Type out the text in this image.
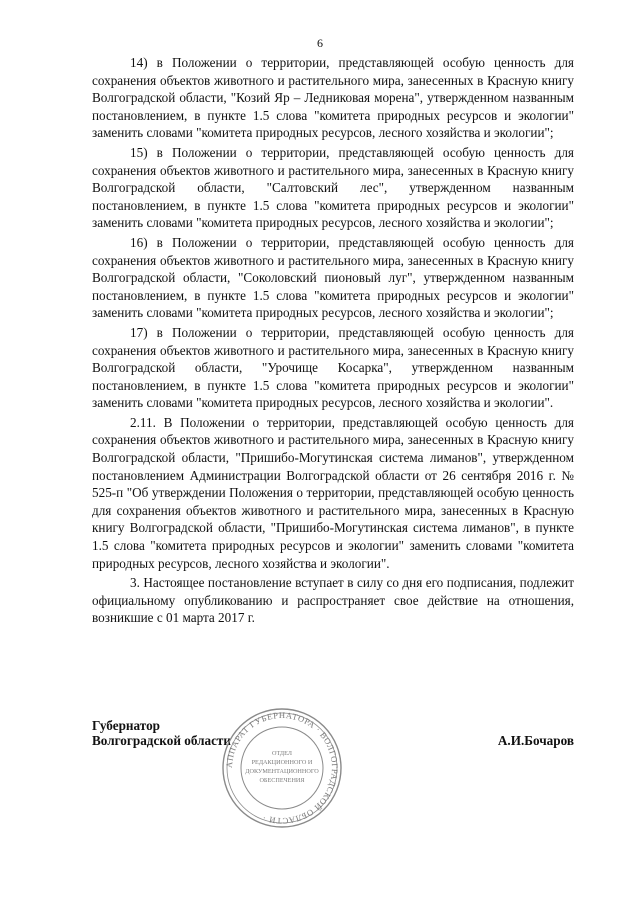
6

14) в Положении о территории, представляющей особую ценность для сохранения объектов животного и растительного мира, занесенных в Красную книгу Волгоградской области, "Козий Яр – Ледниковая морена", утвержденном названным постановлением, в пункте 1.5 слова "комитета природных ресурсов и экологии" заменить словами "комитета природных ресурсов, лесного хозяйства и экологии";

15) в Положении о территории, представляющей особую ценность для сохранения объектов животного и растительного мира, занесенных в Красную книгу Волгоградской области, "Салтовский лес", утвержденном названным постановлением, в пункте 1.5 слова "комитета природных ресурсов и экологии" заменить словами "комитета природных ресурсов, лесного хозяйства и экологии";

16) в Положении о территории, представляющей особую ценность для сохранения объектов животного и растительного мира, занесенных в Красную книгу Волгоградской области, "Соколовский пионовый луг", утвержденном названным постановлением, в пункте 1.5 слова "комитета природных ресурсов и экологии" заменить словами "комитета природных ресурсов, лесного хозяйства и экологии";

17) в Положении о территории, представляющей особую ценность для сохранения объектов животного и растительного мира, занесенных в Красную книгу Волгоградской области, "Урочище Косарка", утвержденном названным постановлением, в пункте 1.5 слова "комитета природных ресурсов и экологии" заменить словами "комитета природных ресурсов, лесного хозяйства и экологии".

2.11. В Положении о территории, представляющей особую ценность для сохранения объектов животного и растительного мира, занесенных в Красную книгу Волгоградской области, "Пришибо-Могутинская система лиманов", утвержденном постановлением Администрации Волгоградской области от 26 сентября 2016 г. № 525-п "Об утверждении Положения о территории, представляющей особую ценность для сохранения объектов животного и растительного мира, занесенных в Красную книгу Волгоградской области, "Пришибо-Могутинская система лиманов", в пункте 1.5 слова "комитета природных ресурсов и экологии" заменить словами "комитета природных ресурсов, лесного хозяйства и экологии".

3. Настоящее постановление вступает в силу со дня его подписания, подлежит официальному опубликованию и распространяет свое действие на отношения, возникшие с 01 марта 2017 г.

Губернатор
Волгоградской области
АППАРАТ ГУБЕРНАТОРА · ВОЛГОГРАДСКОЙ ОБЛАСТИ ·
ОТДЕЛ
РЕДАКЦИОННОГО И
ДОКУМЕНТАЦИОННОГО
ОБЕСПЕЧЕНИЯ
А.И.Бочаров
